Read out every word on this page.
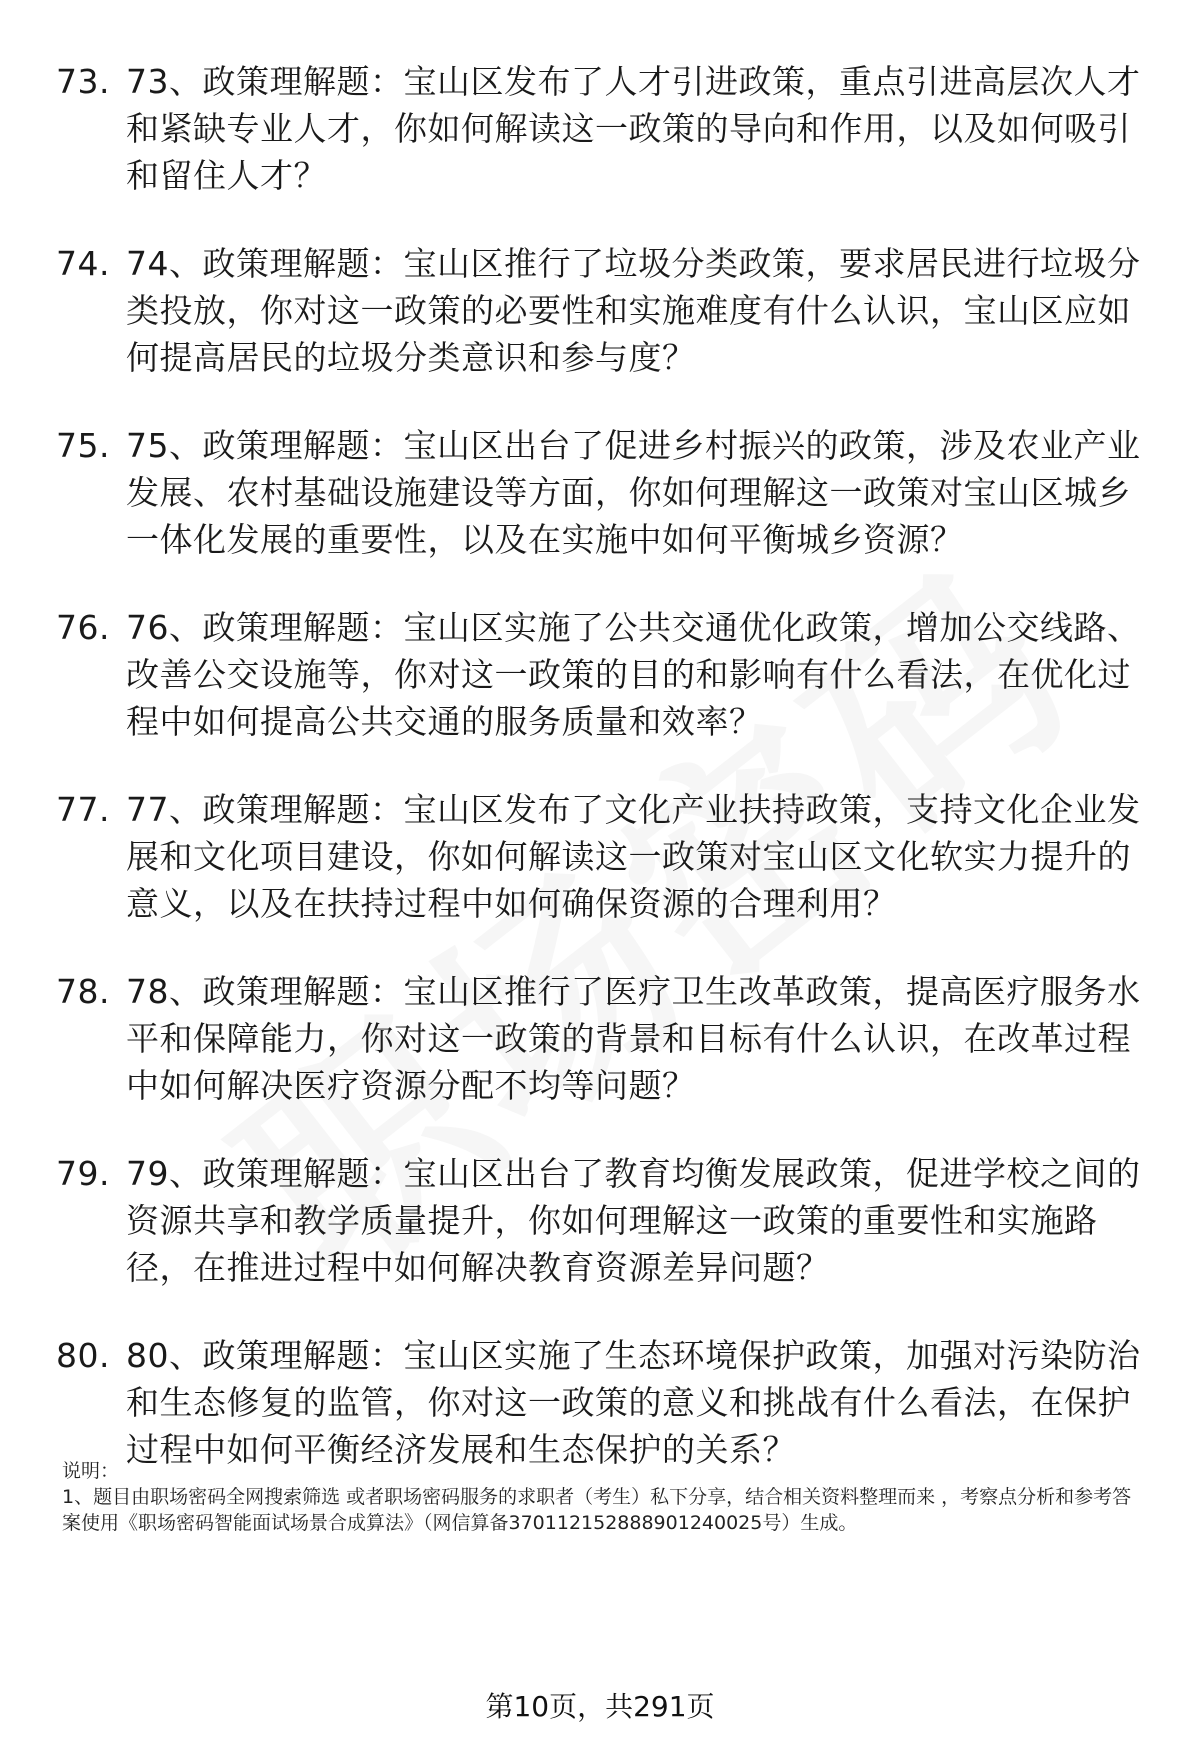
73. 73、政策理解题：宝山区发布了人才引进政策，重点引进高层次人才和紧缺专业人才，你如何解读这一政策的导向和作用，以及如何吸引和留住人才？
74. 74、政策理解题：宝山区推行了垃圾分类政策，要求居民进行垃圾分类投放，你对这一政策的必要性和实施难度有什么认识，宝山区应如何提高居民的垃圾分类意识和参与度？
75. 75、政策理解题：宝山区出台了促进乡村振兴的政策，涉及农业产业发展、农村基础设施建设等方面，你如何理解这一政策对宝山区城乡一体化发展的重要性，以及在实施中如何平衡城乡资源？
76. 76、政策理解题：宝山区实施了公共交通优化政策，增加公交线路、改善公交设施等，你对这一政策的目的和影响有什么看法，在优化过程中如何提高公共交通的服务质量和效率？
77. 77、政策理解题：宝山区发布了文化产业扶持政策，支持文化企业发展和文化项目建设，你如何解读这一政策对宝山区文化软实力提升的意义，以及在扶持过程中如何确保资源的合理利用？
78. 78、政策理解题：宝山区推行了医疗卫生改革政策，提高医疗服务水平和保障能力，你对这一政策的背景和目标有什么认识，在改革过程中如何解决医疗资源分配不均等问题？
79. 79、政策理解题：宝山区出台了教育均衡发展政策，促进学校之间的资源共享和教学质量提升，你如何理解这一政策的重要性和实施路径，在推进过程中如何解决教育资源差异问题？
80. 80、政策理解题：宝山区实施了生态环境保护政策，加强对污染防治和生态修复的监管，你对这一政策的意义和挑战有什么看法，在保护过程中如何平衡经济发展和生态保护的关系？

说明：

1、题目由职场密码全网搜索筛选 或者职场密码服务的求职者（考生）私下分享，结合相关资料整理而来 ，考察点分析和参考答案使用《职场密码智能面试场景合成算法》（网信算备370112152888901240025号）生成。

第10页，共291页
